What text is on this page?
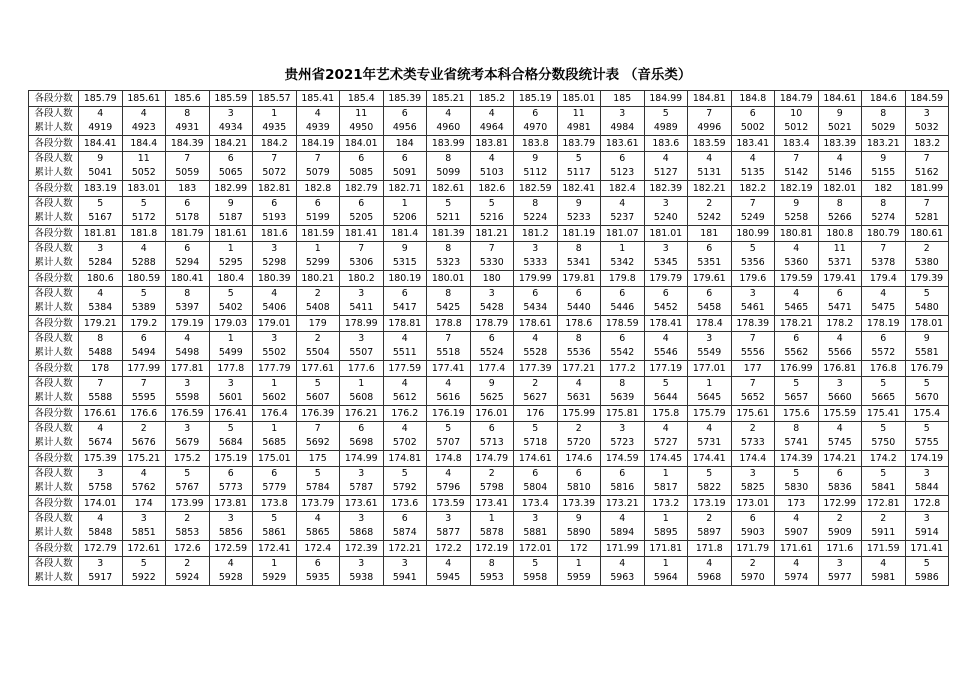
贵州省2021年艺术类专业省统考本科合格分数段统计表 （音乐类）
各段分数	185.79	185.61	185.6	185.59	185.57	185.41	185.4	185.39	185.21	185.2	185.19	185.01	185	184.99	184.81	184.8	184.79	184.61	184.6	184.59
各段人数	4	4	8	3	1	4	11	6	4	4	6	11	3	5	7	6	10	9	8	3
累计人数	4919	4923	4931	4934	4935	4939	4950	4956	4960	4964	4970	4981	4984	4989	4996	5002	5012	5021	5029	5032
各段分数	184.41	184.4	184.39	184.21	184.2	184.19	184.01	184	183.99	183.81	183.8	183.79	183.61	183.6	183.59	183.41	183.4	183.39	183.21	183.2
各段人数	9	11	7	6	7	7	6	6	8	4	9	5	6	4	4	4	7	4	9	7
累计人数	5041	5052	5059	5065	5072	5079	5085	5091	5099	5103	5112	5117	5123	5127	5131	5135	5142	5146	5155	5162
各段分数	183.19	183.01	183	182.99	182.81	182.8	182.79	182.71	182.61	182.6	182.59	182.41	182.4	182.39	182.21	182.2	182.19	182.01	182	181.99
各段人数	5	5	6	9	6	6	6	1	5	5	8	9	4	3	2	7	9	8	8	7
累计人数	5167	5172	5178	5187	5193	5199	5205	5206	5211	5216	5224	5233	5237	5240	5242	5249	5258	5266	5274	5281
各段分数	181.81	181.8	181.79	181.61	181.6	181.59	181.41	181.4	181.39	181.21	181.2	181.19	181.07	181.01	181	180.99	180.81	180.8	180.79	180.61
各段人数	3	4	6	1	3	1	7	9	8	7	3	8	1	3	6	5	4	11	7	2
累计人数	5284	5288	5294	5295	5298	5299	5306	5315	5323	5330	5333	5341	5342	5345	5351	5356	5360	5371	5378	5380
各段分数	180.6	180.59	180.41	180.4	180.39	180.21	180.2	180.19	180.01	180	179.99	179.81	179.8	179.79	179.61	179.6	179.59	179.41	179.4	179.39
各段人数	4	5	8	5	4	2	3	6	8	3	6	6	6	6	6	3	4	6	4	5
累计人数	5384	5389	5397	5402	5406	5408	5411	5417	5425	5428	5434	5440	5446	5452	5458	5461	5465	5471	5475	5480
各段分数	179.21	179.2	179.19	179.03	179.01	179	178.99	178.81	178.8	178.79	178.61	178.6	178.59	178.41	178.4	178.39	178.21	178.2	178.19	178.01
各段人数	8	6	4	1	3	2	3	4	7	6	4	8	6	4	3	7	6	4	6	9
累计人数	5488	5494	5498	5499	5502	5504	5507	5511	5518	5524	5528	5536	5542	5546	5549	5556	5562	5566	5572	5581
各段分数	178	177.99	177.81	177.8	177.79	177.61	177.6	177.59	177.41	177.4	177.39	177.21	177.2	177.19	177.01	177	176.99	176.81	176.8	176.79
各段人数	7	7	3	3	1	5	1	4	4	9	2	4	8	5	1	7	5	3	5	5
累计人数	5588	5595	5598	5601	5602	5607	5608	5612	5616	5625	5627	5631	5639	5644	5645	5652	5657	5660	5665	5670
各段分数	176.61	176.6	176.59	176.41	176.4	176.39	176.21	176.2	176.19	176.01	176	175.99	175.81	175.8	175.79	175.61	175.6	175.59	175.41	175.4
各段人数	4	2	3	5	1	7	6	4	5	6	5	2	3	4	4	2	8	4	5	5
累计人数	5674	5676	5679	5684	5685	5692	5698	5702	5707	5713	5718	5720	5723	5727	5731	5733	5741	5745	5750	5755
各段分数	175.39	175.21	175.2	175.19	175.01	175	174.99	174.81	174.8	174.79	174.61	174.6	174.59	174.45	174.41	174.4	174.39	174.21	174.2	174.19
各段人数	3	4	5	6	6	5	3	5	4	2	6	6	6	1	5	3	5	6	5	3
累计人数	5758	5762	5767	5773	5779	5784	5787	5792	5796	5798	5804	5810	5816	5817	5822	5825	5830	5836	5841	5844
各段分数	174.01	174	173.99	173.81	173.8	173.79	173.61	173.6	173.59	173.41	173.4	173.39	173.21	173.2	173.19	173.01	173	172.99	172.81	172.8
各段人数	4	3	2	3	5	4	3	6	3	1	3	9	4	1	2	6	4	2	2	3
累计人数	5848	5851	5853	5856	5861	5865	5868	5874	5877	5878	5881	5890	5894	5895	5897	5903	5907	5909	5911	5914
各段分数	172.79	172.61	172.6	172.59	172.41	172.4	172.39	172.21	172.2	172.19	172.01	172	171.99	171.81	171.8	171.79	171.61	171.6	171.59	171.41
各段人数	3	5	2	4	1	6	3	3	4	8	5	1	4	1	4	2	4	3	4	5
累计人数	5917	5922	5924	5928	5929	5935	5938	5941	5945	5953	5958	5959	5963	5964	5968	5970	5974	5977	5981	5986
